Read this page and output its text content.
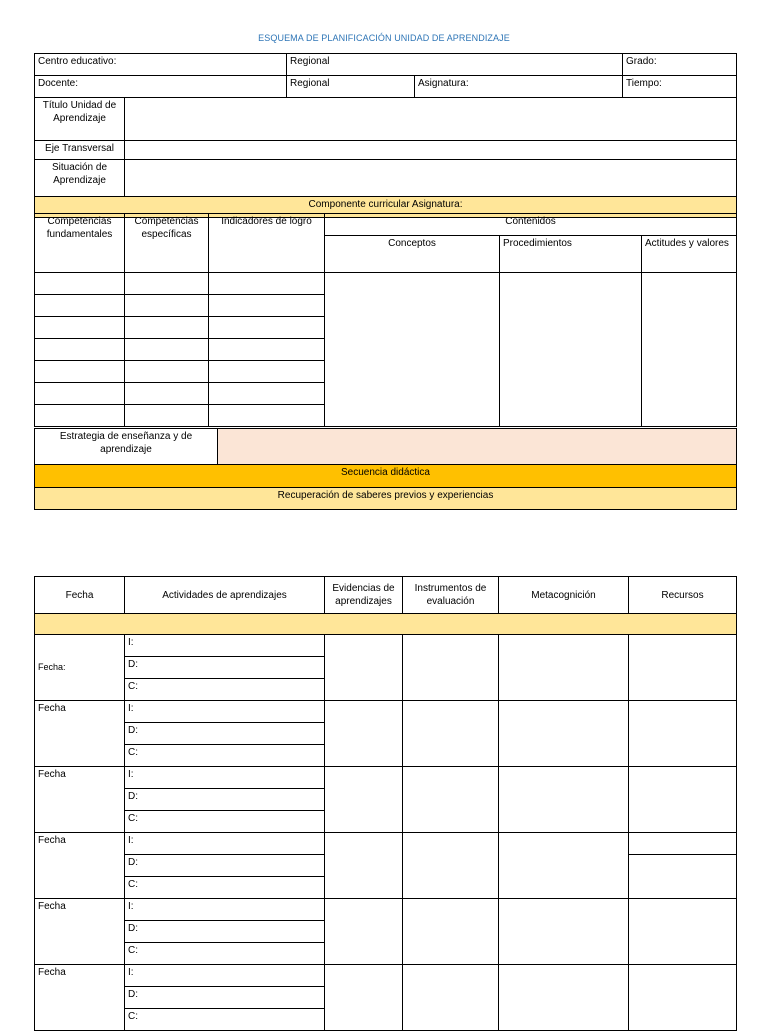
ESQUEMA DE PLANIFICACIÓN UNIDAD DE APRENDIZAJE
Centro educativo:		Regional		Grado:
Docente:		Regional	Asignatura:	Tiempo:
Título Unidad de Aprendizaje				
Eje Transversal				
Situación de Aprendizaje				
Componente curricular Asignatura:				
Competencias fundamentales	Competencias específicas	Indicadores de logro	Contenidos		
			Conceptos	Procedimientos	Actitudes y valores

Estrategia de enseñanza y de aprendizaje	
Secuencia didáctica
Recuperación de saberes previos y experiencias
Fecha	Actividades de aprendizajes	Evidencias de aprendizajes	Instrumentos de evaluación	Metacognición	Recursos

Fecha:	I:				
	D:				
	C:				
Fecha	I:				
	D:				
	C:				
Fecha	I:				
	D:				
	C:				
Fecha	I:				
	D:				
	C:				
Fecha	I:				
	D:				
	C:				
Fecha	I:				
	D:				
	C:				
